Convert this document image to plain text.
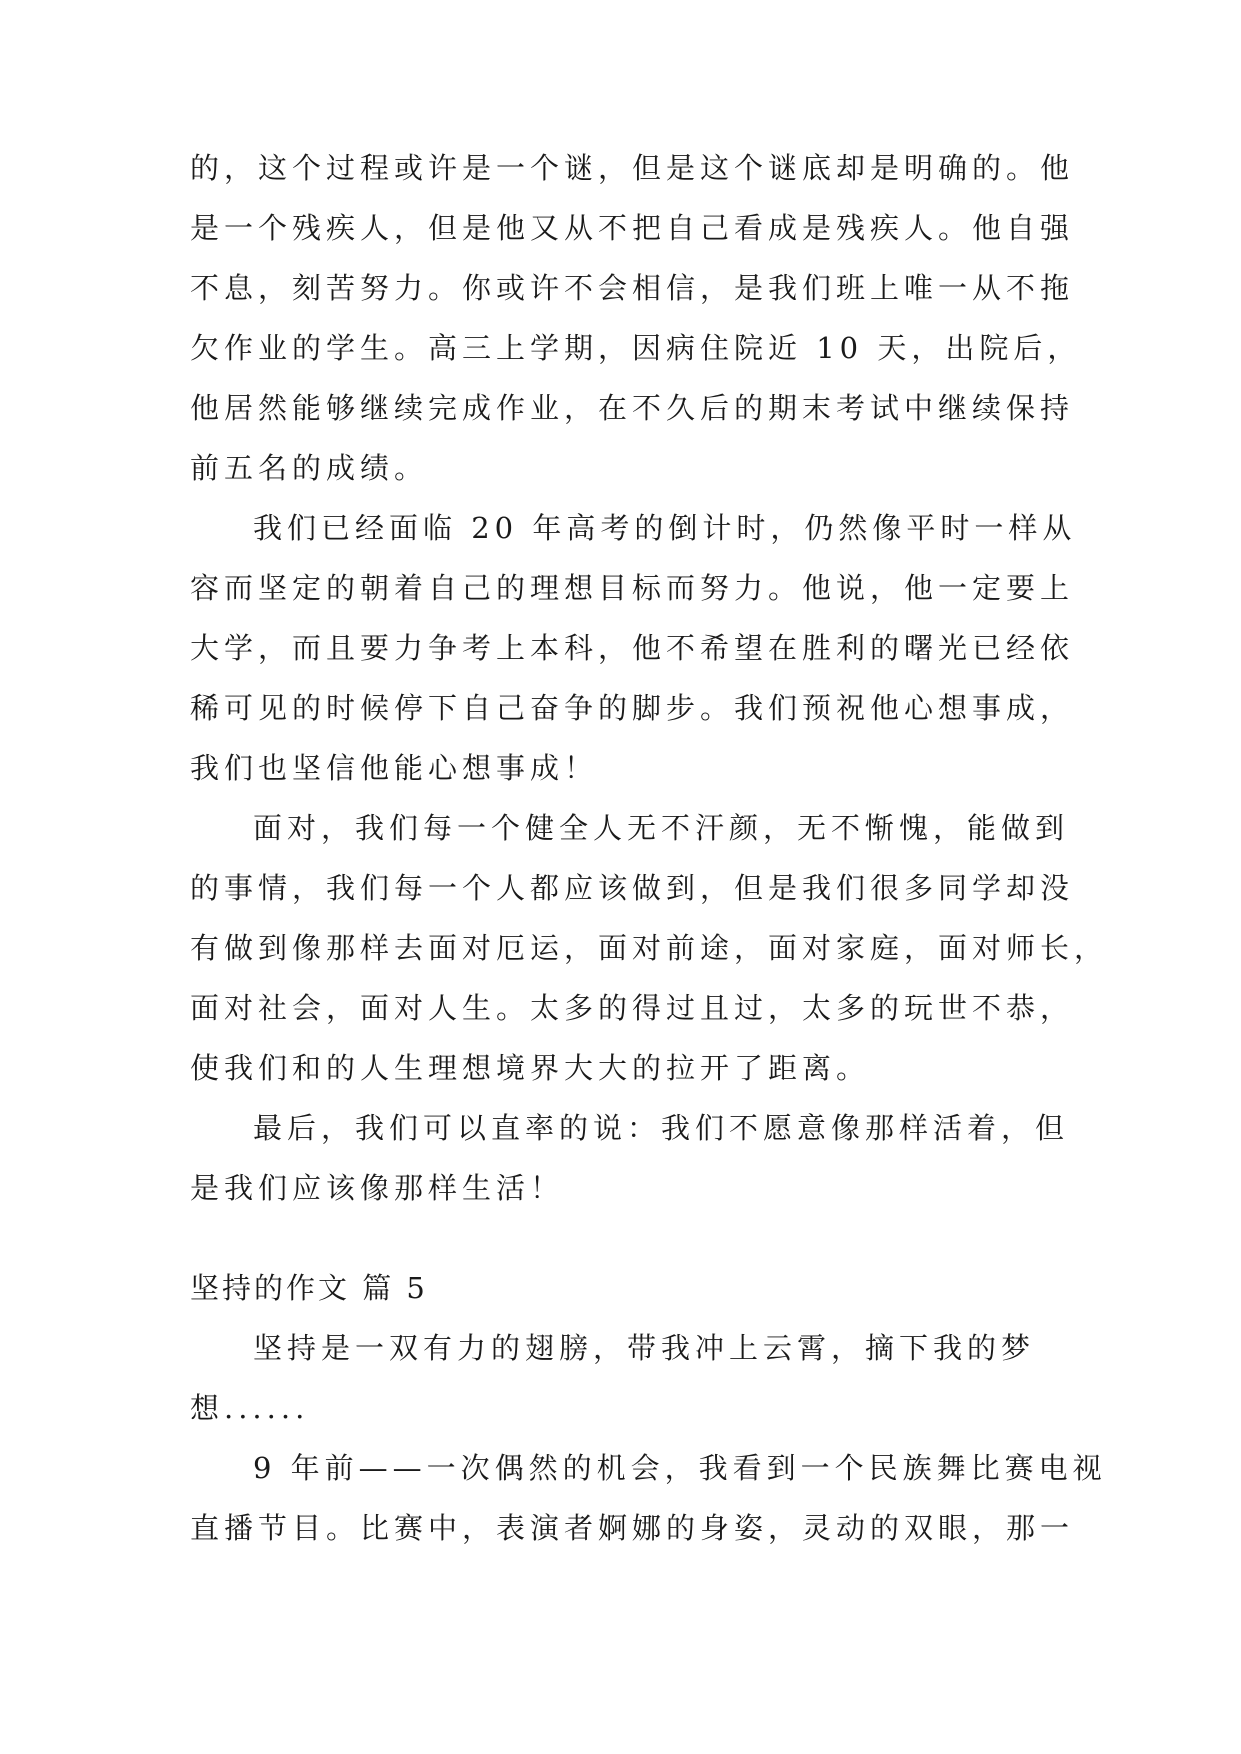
的，这个过程或许是一个谜，但是这个谜底却是明确的。他
是一个残疾人，但是他又从不把自己看成是残疾人。他自强
不息，刻苦努力。你或许不会相信，是我们班上唯一从不拖
欠作业的学生。高三上学期，因病住院近 10 天，出院后，
他居然能够继续完成作业，在不久后的期末考试中继续保持
前五名的成绩。
我们已经面临 20 年高考的倒计时，仍然像平时一样从
容而坚定的朝着自己的理想目标而努力。他说，他一定要上
大学，而且要力争考上本科，他不希望在胜利的曙光已经依
稀可见的时候停下自己奋争的脚步。我们预祝他心想事成，
我们也坚信他能心想事成！
面对，我们每一个健全人无不汗颜，无不惭愧，能做到
的事情，我们每一个人都应该做到，但是我们很多同学却没
有做到像那样去面对厄运，面对前途，面对家庭，面对师长，
面对社会，面对人生。太多的得过且过，太多的玩世不恭，
使我们和的人生理想境界大大的拉开了距离。
最后，我们可以直率的说：我们不愿意像那样活着，但
是我们应该像那样生活！
坚持的作文 篇 5
坚持是一双有力的翅膀，带我冲上云霄，摘下我的梦
想......
9 年前——一次偶然的机会，我看到一个民族舞比赛电视
直播节目。比赛中，表演者婀娜的身姿，灵动的双眼，那一
